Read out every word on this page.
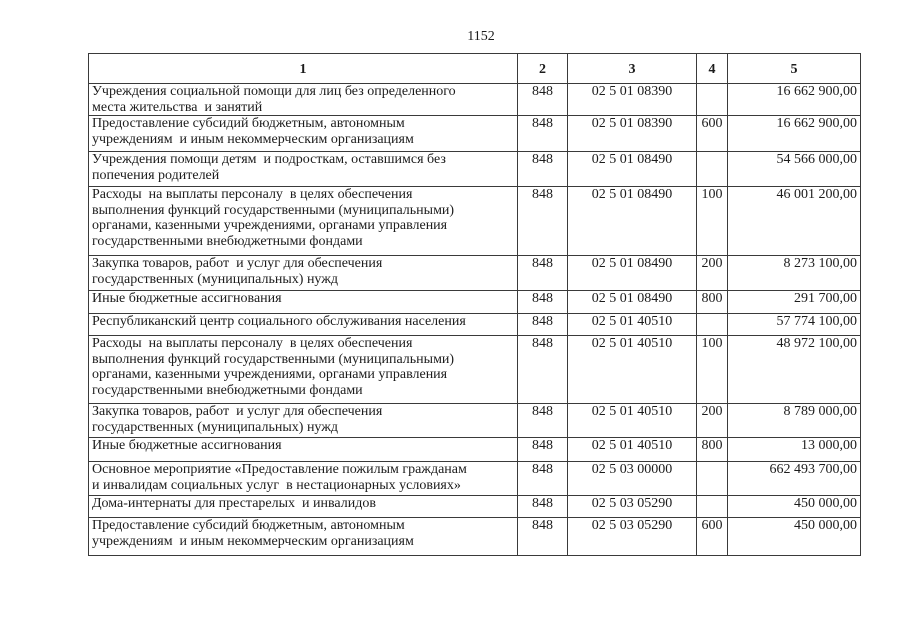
1152
1	2	3	4	5
Учреждения социальной помощи для лиц без определенного
места жительства  и занятий	848	02 5 01 08390		16 662 900,00
Предоставление субсидий бюджетным, автономным
учреждениям  и иным некоммерческим организациям	848	02 5 01 08390	600	16 662 900,00
Учреждения помощи детям  и подросткам, оставшимся без
попечения родителей	848	02 5 01 08490		54 566 000,00
Расходы  на выплаты персоналу  в целях обеспечения
выполнения функций государственными (муниципальными)
органами, казенными учреждениями, органами управления
государственными внебюджетными фондами	848	02 5 01 08490	100	46 001 200,00
Закупка товаров, работ  и услуг для обеспечения
государственных (муниципальных) нужд	848	02 5 01 08490	200	8 273 100,00
Иные бюджетные ассигнования	848	02 5 01 08490	800	291 700,00
Республиканский центр социального обслуживания населения	848	02 5 01 40510		57 774 100,00
Расходы  на выплаты персоналу  в целях обеспечения
выполнения функций государственными (муниципальными)
органами, казенными учреждениями, органами управления
государственными внебюджетными фондами	848	02 5 01 40510	100	48 972 100,00
Закупка товаров, работ  и услуг для обеспечения
государственных (муниципальных) нужд	848	02 5 01 40510	200	8 789 000,00
Иные бюджетные ассигнования	848	02 5 01 40510	800	13 000,00
Основное мероприятие «Предоставление пожилым гражданам
и инвалидам социальных услуг  в нестационарных условиях»	848	02 5 03 00000		662 493 700,00
Дома-интернаты для престарелых  и инвалидов	848	02 5 03 05290		450 000,00
Предоставление субсидий бюджетным, автономным
учреждениям  и иным некоммерческим организациям	848	02 5 03 05290	600	450 000,00
